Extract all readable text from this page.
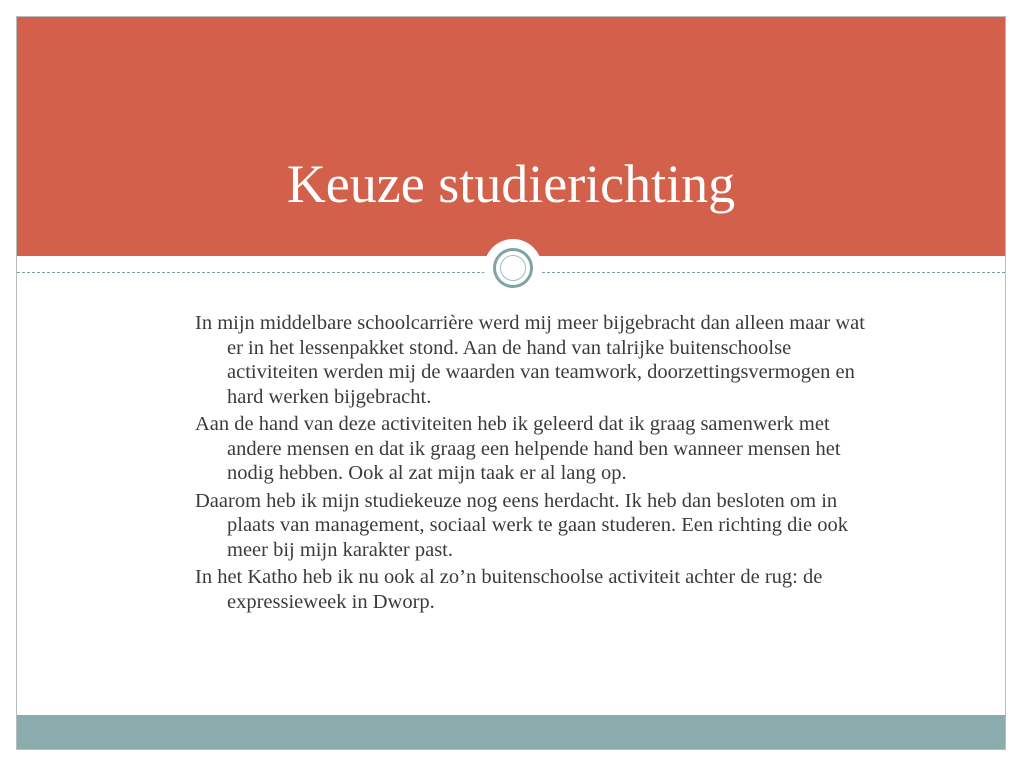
Keuze studierichting
In mijn middelbare schoolcarrière werd mij meer bijgebracht dan alleen maar wat er in het lessenpakket stond. Aan de hand van talrijke buitenschoolse activiteiten werden mij de waarden van teamwork, doorzettingsvermogen en hard werken bijgebracht.
Aan de hand van deze activiteiten heb ik geleerd dat ik graag samenwerk met andere mensen en dat ik graag een helpende hand ben wanneer mensen het nodig hebben. Ook al zat mijn taak er al lang op.
Daarom heb ik mijn studiekeuze nog eens herdacht. Ik heb dan besloten om in plaats van management, sociaal werk te gaan studeren. Een richting die ook meer bij mijn karakter past.
In het Katho heb ik nu ook al zo’n buitenschoolse activiteit achter de rug: de expressieweek in Dworp.
